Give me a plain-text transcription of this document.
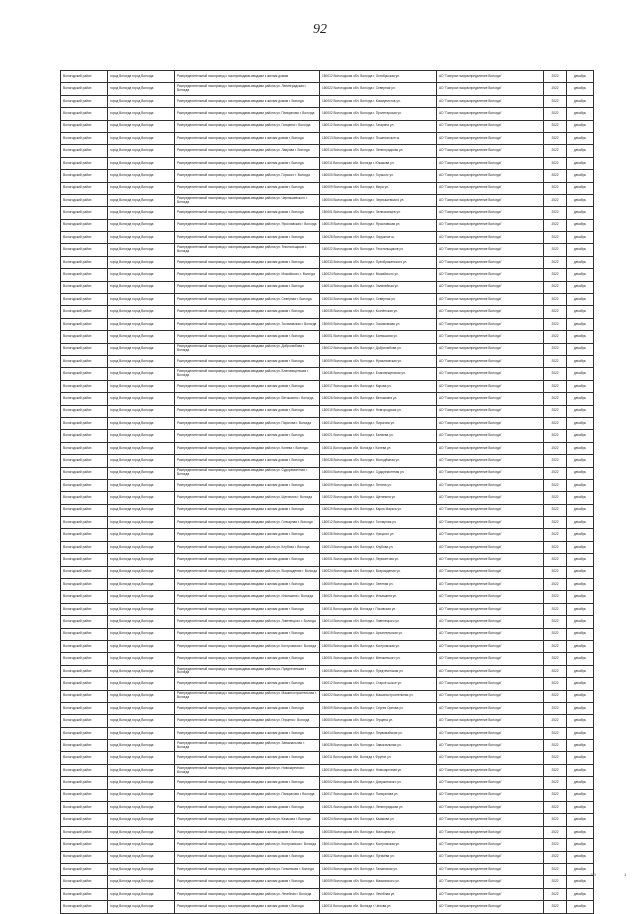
92
Вологодский район	город Вологда город Вологда	Распределительный газопровод с газопроводами-вводами к жилым домам	160012 Вологодская обл. Вологда г. Октябрьская ул.	АО "Газпром газораспределение Вологда"	2022	декабрь
Вологодский район	город Вологда город Вологда	Распределительный газопровод с газопроводами-вводами района ул. Ленинградская г. Вологда	160022 Вологодская обл. Вологда г. Северная ул.	АО "Газпром газораспределение Вологда"	2022	декабрь
Вологодский район	город Вологда город Вологда	Распределительный газопровод с газопроводами-вводами к жилым домам г. Вологда	160002 Вологодская обл. Вологда г. Коммунистов ул.	АО "Газпром газораспределение Вологда"	2022	декабрь
Вологодский район	город Вологда город Вологда	Распределительный газопровод с газопроводами-вводами района ул. Панкратова г. Вологда	160002 Вологодская обл. Вологда г. Пролетарская ул.	АО "Газпром газораспределение Вологда"	2022	декабрь
Вологодский район	город Вологда город Вологда	Распределительный газопровод с газопроводами-вводами района ул. Гагарина г. Вологда	160012 Вологодская обл. Вологда г. Гагарина ул.	АО "Газпром газораспределение Вологда"	2022	декабрь
Вологодский район	город Вологда город Вологда	Распределительный газопровод с газопроводами-вводами к жилым домам г. Вологда	160013 Вологодская обл. Вологда г. Пошехонское ш.	АО "Газпром газораспределение Вологда"	2022	декабрь
Вологодский район	город Вологда город Вологда	Распределительный газопровод с газопроводами-вводами района ул. Лаврова г. Вологда	160014 Вологодская обл. Вологда г. Ленинградская ул.	АО "Газпром газораспределение Вологда"	2022	декабрь
Вологодский район	город Вологда город Вологда	Распределительный газопровод с газопроводами-вводами к жилым домам г. Вологда	160011 Вологодская обл. Вологда г. Южакова ул.	АО "Газпром газораспределение Вологда"	2022	декабрь
Вологодский район	город Вологда город Вологда	Распределительный газопровод с газопроводами-вводами района ул. Горького г. Вологда	160000 Вологодская обл. Вологда г. Горького ул.	АО "Газпром газораспределение Вологда"	2022	декабрь
Вологодский район	город Вологда город Вологда	Распределительный газопровод с газопроводами-вводами к жилым домам г. Вологда	160009 Вологодская обл. Вологда г. Мира ул.	АО "Газпром газораспределение Вологда"	2022	декабрь
Вологодский район	город Вологда город Вологда	Распределительный газопровод с газопроводами-вводами района ул. Чернышевского г. Вологда	160004 Вологодская обл. Вологда г. Чернышевского ул.	АО "Газпром газораспределение Вологда"	2022	декабрь
Вологодский район	город Вологда город Вологда	Распределительный газопровод с газопроводами-вводами к жилым домам г. Вологда	160001 Вологодская обл. Вологда г. Челюскинцев ул.	АО "Газпром газораспределение Вологда"	2022	декабрь
Вологодский район	город Вологда город Вологда	Распределительный газопровод с газопроводами-вводами района ул. Ярославская г. Вологда	160019 Вологодская обл. Вологда г. Ярославская ул.	АО "Газпром газораспределение Вологда"	2022	декабрь
Вологодский район	город Вологда город Вологда	Распределительный газопровод с газопроводами-вводами к жилым домам г. Вологда	160028 Вологодская обл. Вологда г. Окружное ш.	АО "Газпром газораспределение Вологда"	2022	декабрь
Вологодский район	город Вологда город Вологда	Распределительный газопровод с газопроводами-вводами района ул. Текстильщиков г. Вологда	160022 Вологодская обл. Вологда г. Текстильщиков ул.	АО "Газпром газораспределение Вологда"	2022	декабрь
Вологодский район	город Вологда город Вологда	Распределительный газопровод с газопроводами-вводами к жилым домам г. Вологда	160033 Вологодская обл. Вологда г. Преображенского ул.	АО "Газпром газораспределение Вологда"	2022	декабрь
Вологодский район	город Вологда город Вологда	Распределительный газопровод с газопроводами-вводами района ул. Можайского г. Вологда	160024 Вологодская обл. Вологда г. Можайского ул.	АО "Газпром газораспределение Вологда"	2022	декабрь
Вологодский район	город Вологда город Вологда	Распределительный газопровод с газопроводами-вводами к жилым домам г. Вологда	160014 Вологодская обл. Вологда г. Залинейная ул.	АО "Газпром газораспределение Вологда"	2022	декабрь
Вологодский район	город Вологда город Вологда	Распределительный газопровод с газопроводами-вводами района ул. Северная г. Вологда	160034 Вологодская обл. Вологда г. Северная ул.	АО "Газпром газораспределение Вологда"	2022	декабрь
Вологодский район	город Вологда город Вологда	Распределительный газопровод с газопроводами-вводами к жилым домам г. Вологда	160035 Вологодская обл. Вологда г. Козлёнская ул.	АО "Газпром газораспределение Вологда"	2022	декабрь
Вологодский район	город Вологда город Вологда	Распределительный газопровод с газопроводами-вводами района ул. Зосимовская г. Вологда	160000 Вологодская обл. Вологда г. Зосимовская ул.	АО "Газпром газораспределение Вологда"	2022	декабрь
Вологодский район	город Вологда город Вологда	Распределительный газопровод с газопроводами-вводами к жилым домам г. Вологда	160001 Вологодская обл. Вологда г. Батюшкова ул.	АО "Газпром газораспределение Вологда"	2022	декабрь
Вологодский район	город Вологда город Вологда	Распределительный газопровод с газопроводами-вводами района ул. Добролюбова г. Вологда	160012 Вологодская обл. Вологда г. Добролюбова ул.	АО "Газпром газораспределение Вологда"	2022	декабрь
Вологодский район	город Вологда город Вологда	Распределительный газопровод с газопроводами-вводами к жилым домам г. Вологда	160009 Вологодская обл. Вологда г. Фрязиновская ул.	АО "Газпром газораспределение Вологда"	2022	декабрь
Вологодский район	город Вологда город Вологда	Распределительный газопровод с газопроводами-вводами района ул. Благовещенская г. Вологда	160035 Вологодская обл. Вологда г. Благовещенская ул.	АО "Газпром газораспределение Вологда"	2022	декабрь
Вологодский район	город Вологда город Вологда	Распределительный газопровод с газопроводами-вводами к жилым домам г. Вологда	160017 Вологодская обл. Вологда г. Кирова ул.	АО "Газпром газораспределение Вологда"	2022	декабрь
Вологодский район	город Вологда город Вологда	Распределительный газопровод с газопроводами-вводами района ул. Ветошкина г. Вологда	160026 Вологодская обл. Вологда г. Ветошкина ул.	АО "Газпром газораспределение Вологда"	2022	декабрь
Вологодский район	город Вологда город Вологда	Распределительный газопровод с газопроводами-вводами к жилым домам г. Вологда	160019 Вологодская обл. Вологда г. Новгородская ул.	АО "Газпром газораспределение Вологда"	2022	декабрь
Вологодский район	город Вологда город Вологда	Распределительный газопровод с газопроводами-вводами района ул. Пирогова г. Вологда	160010 Вологодская обл. Вологда г. Пирогова ул.	АО "Газпром газораспределение Вологда"	2022	декабрь
Вологодский район	город Вологда город Вологда	Распределительный газопровод с газопроводами-вводами к жилым домам г. Вологда	160021 Вологодская обл. Вологда г. Беляева ул.	АО "Газпром газораспределение Вологда"	2022	декабрь
Вологодский район	город Вологда город Вологда	Распределительный газопровод с газопроводами-вводами района ул. Конева г. Вологда	160011 Вологодская обл. Вологда г. Конева ул.	АО "Газпром газораспределение Вологда"	2022	декабрь
Вологодский район	город Вологда город Вологда	Распределительный газопровод с газопроводами-вводами к жилым домам г. Вологда	160028 Вологодская обл. Вологда г. Молодёжная ул.	АО "Газпром газораспределение Вологда"	2022	декабрь
Вологодский район	город Вологда город Вологда	Распределительный газопровод с газопроводами-вводами района ул. Судоремонтная г. Вологда	160004 Вологодская обл. Вологда г. Судоремонтная ул.	АО "Газпром газораспределение Вологда"	2022	декабрь
Вологодский район	город Вологда город Вологда	Распределительный газопровод с газопроводами-вводами к жилым домам г. Вологда	160009 Вологодская обл. Вологда г. Петина ул.	АО "Газпром газораспределение Вологда"	2022	декабрь
Вологодский район	город Вологда город Вологда	Распределительный газопровод с газопроводами-вводами района ул. Щетинина г. Вологда	160022 Вологодская обл. Вологда г. Щетинина ул.	АО "Газпром газораспределение Вологда"	2022	декабрь
Вологодский район	город Вологда город Вологда	Распределительный газопровод с газопроводами-вводами к жилым домам г. Вологда	160019 Вологодская обл. Вологда г. Карла Маркса ул.	АО "Газпром газораспределение Вологда"	2022	декабрь
Вологодский район	город Вологда город Вологда	Распределительный газопровод с газопроводами-вводами района ул. Гончарная г. Вологда	160012 Вологодская обл. Вологда г. Гончарная ул.	АО "Газпром газораспределение Вологда"	2022	декабрь
Вологодский район	город Вологда город Вологда	Распределительный газопровод с газопроводами-вводами к жилым домам г. Вологда	160035 Вологодская обл. Вологда г. Урицкого ул.	АО "Газпром газораспределение Вологда"	2022	декабрь
Вологодский район	город Вологда город Вологда	Распределительный газопровод с газопроводами-вводами района ул. Клубова г. Вологда	160013 Вологодская обл. Вологда г. Клубова ул.	АО "Газпром газораспределение Вологда"	2022	декабрь
Вологодский район	город Вологда город Вологда	Распределительный газопровод с газопроводами-вводами к жилым домам г. Вологда	160001 Вологодская обл. Вологда г. Лермонтова ул.	АО "Газпром газораспределение Вологда"	2022	декабрь
Вологодский район	город Вологда город Вологда	Распределительный газопровод с газопроводами-вводами района ул. Возрождения г. Вологда	160024 Вологодская обл. Вологда г. Возрождения ул.	АО "Газпром газораспределение Вологда"	2022	декабрь
Вологодский район	город Вологда город Вологда	Распределительный газопровод с газопроводами-вводами к жилым домам г. Вологда	160009 Вологодская обл. Вологда г. Зеленая ул.	АО "Газпром газораспределение Вологда"	2022	декабрь
Вологодский район	город Вологда город Вологда	Распределительный газопровод с газопроводами-вводами района ул. Ильюшина г. Вологда	160021 Вологодская обл. Вологда г. Ильюшина ул.	АО "Газпром газораспределение Вологда"	2022	декабрь
Вологодский район	город Вологда город Вологда	Распределительный газопровод с газопроводами-вводами к жилым домам г. Вологда	160011 Вологодская обл. Вологда г. Псковская ул.	АО "Газпром газораспределение Вологда"	2022	декабрь
Вологодский район	город Вологда город Вологда	Распределительный газопровод с газопроводами-вводами района ул. Ловенецкого г. Вологда	160014 Вологодская обл. Вологда г. Ловенецкого ул.	АО "Газпром газораспределение Вологда"	2022	декабрь
Вологодский район	город Вологда город Вологда	Распределительный газопровод с газопроводами-вводами к жилым домам г. Вологда	160019 Вологодская обл. Вологда г. Архангельская ул.	АО "Газпром газораспределение Вологда"	2022	декабрь
Вологодский район	город Вологда город Вологда	Распределительный газопровод с газопроводами-вводами района ул. Костромская г. Вологда	160004 Вологодская обл. Вологда г. Костромская ул.	АО "Газпром газораспределение Вологда"	2022	декабрь
Вологодский район	город Вологда город Вологда	Распределительный газопровод с газопроводами-вводами к жилым домам г. Вологда	160001 Вологодская обл. Вологда г. Менжинского ул.	АО "Газпром газораспределение Вологда"	2022	декабрь
Вологодский район	город Вологда город Вологда	Распределительный газопровод с газопроводами-вводами района ул. Предтеченская г. Вологда	160035 Вологодская обл. Вологда г. Предтеченская ул.	АО "Газпром газораспределение Вологда"	2022	декабрь
Вологодский район	город Вологда город Вологда	Распределительный газопровод с газопроводами-вводами к жилым домам г. Вологда	160012 Вологодская обл. Вологда г. Старое шоссе ул.	АО "Газпром газораспределение Вологда"	2022	декабрь
Вологодский район	город Вологда город Вологда	Распределительный газопровод с газопроводами-вводами района ул. Машиностроительная г. Вологда	160022 Вологодская обл. Вологда г. Машиностроительная ул.	АО "Газпром газораспределение Вологда"	2022	декабрь
Вологодский район	город Вологда город Вологда	Распределительный газопровод с газопроводами-вводами к жилым домам г. Вологда	160009 Вологодская обл. Вологда г. Сергея Орлова ул.	АО "Газпром газораспределение Вологда"	2022	декабрь
Вологодский район	город Вологда город Вологда	Распределительный газопровод с газопроводами-вводами района ул. Герцена г. Вологда	160000 Вологодская обл. Вологда г. Герцена ул.	АО "Газпром газораспределение Вологда"	2022	декабрь
Вологодский район	город Вологда город Вологда	Распределительный газопровод с газопроводами-вводами к жилым домам г. Вологда	160014 Вологодская обл. Вологда г. Первомайская ул.	АО "Газпром газораспределение Вологда"	2022	декабрь
Вологодский район	город Вологда город Вологда	Распределительный газопровод с газопроводами-вводами района ул. Завокзальная г. Вологда	160028 Вологодская обл. Вологда г. Завокзальная ул.	АО "Газпром газораспределение Вологда"	2022	декабрь
Вологодский район	город Вологда город Вологда	Распределительный газопровод с газопроводами-вводами к жилым домам г. Вологда	160011 Вологодская обл. Вологда г. Фрунзе ул.	АО "Газпром газораспределение Вологда"	2022	декабрь
Вологодский район	город Вологда город Вологда	Распределительный газопровод с газопроводами-вводами района ул. Новозаречная г. Вологда	160019 Вологодская обл. Вологда г. Новозаречная ул.	АО "Газпром газораспределение Вологда"	2022	декабрь
Вологодский район	город Вологда город Вологда	Распределительный газопровод с газопроводами-вводами к жилым домам г. Вологда	160002 Вологодская обл. Вологда г. Дзержинского ул.	АО "Газпром газораспределение Вологда"	2022	декабрь
Вологодский район	город Вологда город Вологда	Распределительный газопровод с газопроводами-вводами района ул. Панкратова г. Вологда	160017 Вологодская обл. Вологда г. Панкратова ул.	АО "Газпром газораспределение Вологда"	2022	декабрь
Вологодский район	город Вологда город Вологда	Распределительный газопровод с газопроводами-вводами к жилым домам г. Вологда	160021 Вологодская обл. Вологда г. Ленинградская ул.	АО "Газпром газораспределение Вологда"	2022	декабрь
Вологодский район	город Вологда город Вологда	Распределительный газопровод с газопроводами-вводами района ул. Казакова г. Вологда	160024 Вологодская обл. Вологда г. Казакова ул.	АО "Газпром газораспределение Вологда"	2022	декабрь
Вологодский район	город Вологда город Вологда	Распределительный газопровод с газопроводами-вводами к жилым домам г. Вологда	160035 Вологодская обл. Вологда г. Мальцева ул.	АО "Газпром газораспределение Вологда"	2022	декабрь
Вологодский район	город Вологда город Вологда	Распределительный газопровод с газопроводами-вводами района ул. Костромская г. Вологда	160014 Вологодская обл. Вологда г. Костромская ул.	АО "Газпром газораспределение Вологда"	2022	декабрь
Вологодский район	город Вологда город Вологда	Распределительный газопровод с газопроводами-вводами к жилым домам г. Вологда	160012 Вологодская обл. Вологда г. Пугачёва ул.	АО "Газпром газораспределение Вологда"	2022	декабрь
Вологодский район	город Вологда город Вологда	Распределительный газопровод с газопроводами-вводами района ул. Галкинская г. Вологда	160004 Вологодская обл. Вологда г. Галкинская ул.	АО "Газпром газораспределение Вологда"	2022	декабрь
Вологодский район	город Вологда город Вологда	Распределительный газопровод с газопроводами-вводами к жилым домам г. Вологда	160009 Вологодская обл. Вологда г. Маяковского ул.	АО "Газпром газораспределение Вологда"	2022	декабрь
Вологодский район	город Вологда город Вологда	Распределительный газопровод с газопроводами-вводами района ул. Лечебная г. Вологда	160002 Вологодская обл. Вологда г. Лечебная ул.	АО "Газпром газораспределение Вологда"	2022	декабрь
Вологодский район	город Вологда город Вологда	Распределительный газопровод с газопроводами-вводами к жилым домам г. Вологда	160011 Вологодская обл. Вологда г. Чехова ул.	АО "Газпром газораспределение Вологда"	2022	декабрь
111	1
